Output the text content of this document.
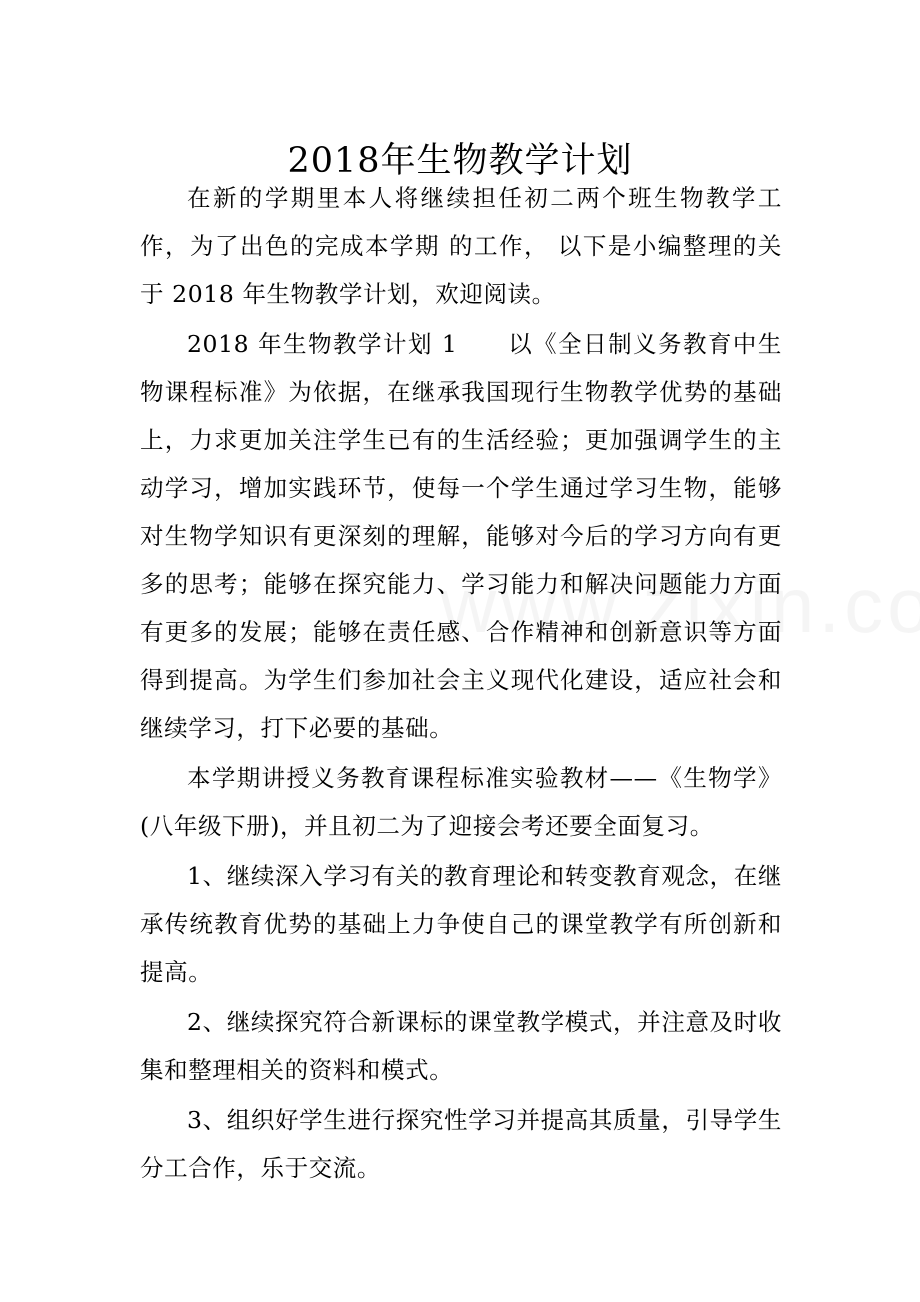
2018年生物教学计划

在新的学期里本人将继续担任初二两个班生物教学工作，为了出色的完成本学期 的工作， 以下是小编整理的关于 2018 年生物教学计划，欢迎阅读。

2018 年生物教学计划 1　　以《全日制义务教育中生物课程标准》为依据，在继承我国现行生物教学优势的基础上，力求更加关注学生已有的生活经验；更加强调学生的主动学习，增加实践环节，使每一个学生通过学习生物，能够对生物学知识有更深刻的理解，能够对今后的学习方向有更多的思考；能够在探究能力、学习能力和解决问题能力方面有更多的发展；能够在责任感、合作精神和创新意识等方面得到提高。为学生们参加社会主义现代化建设，适应社会和继续学习，打下必要的基础。

本学期讲授义务教育课程标准实验教材——《生物学》(八年级下册)，并且初二为了迎接会考还要全面复习。

1、继续深入学习有关的教育理论和转变教育观念，在继承传统教育优势的基础上力争使自己的课堂教学有所创新和提高。

2、继续探究符合新课标的课堂教学模式，并注意及时收集和整理相关的资料和模式。

3、组织好学生进行探究性学习并提高其质量，引导学生分工合作，乐于交流。
